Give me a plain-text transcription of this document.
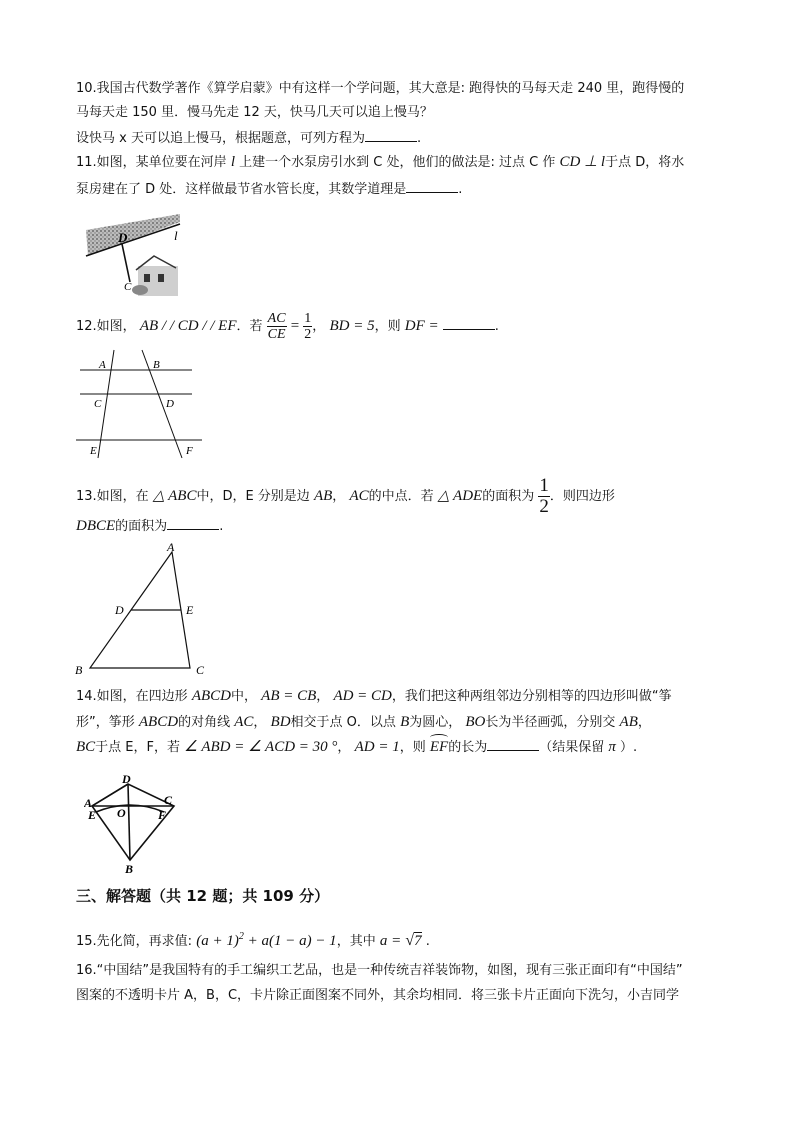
10.我国古代数学著作《算学启蒙》中有这样一个学问题，其大意是: 跑得快的马每天走 240 里，跑得慢的
马每天走 150 里．慢马先走 12 天，快马几天可以追上慢马？
设快马 x 天可以追上慢马，根据题意，可列方程为	.
11.如图，某单位要在河岸 l 上建一个水泵房引水到 C 处，他们的做法是: 过点 C 作 CD ⊥ l于点 D，将水
泵房建在了 D 处．这样做最节省水管长度，其数学道理是	.
D	l
C
12.如图， AB / / CD / / EF．若 $\frac{AC}{CE} = \frac{1}{2}$ ， BD = 5，则 DF =	.
A	B
C	D
E	F
13.如图，在 △ ABC中，D，E 分别是边 AB， AC的中点．若 △ ADE的面积为 $\frac{1}{2}$ ．则四边形
DBCE的面积为	.
A
B	C
D	E
14.如图，在四边形 ABCD中， AB = CB， AD = CD，我们把这种两组邻边分别相等的四边形叫做“筝
形”，筝形 ABCD的对角线 AC， BD相交于点 O．以点 B为圆心， BO长为半径画弧，分别交 AB，
BC于点 E，F，若 ∠ ABD = ∠ ACD = 30 °， AD = 1，则 EF的长为	（结果保留 π ）.
D
A
E O
C
F
B
三、解答题（共 12 题；共 109 分）
15.先化简，再求值: $(a + 1)^2 + a(1 - a) - 1$，其中 a = √7 .
16.“中国结”是我国特有的手工编织工艺品，也是一种传统吉祥装饰物，如图，现有三张正面印有“中国结”
图案的不透明卡片 A，B，C，卡片除正面图案不同外，其余均相同．将三张卡片正面向下洗匀，小吉同学
